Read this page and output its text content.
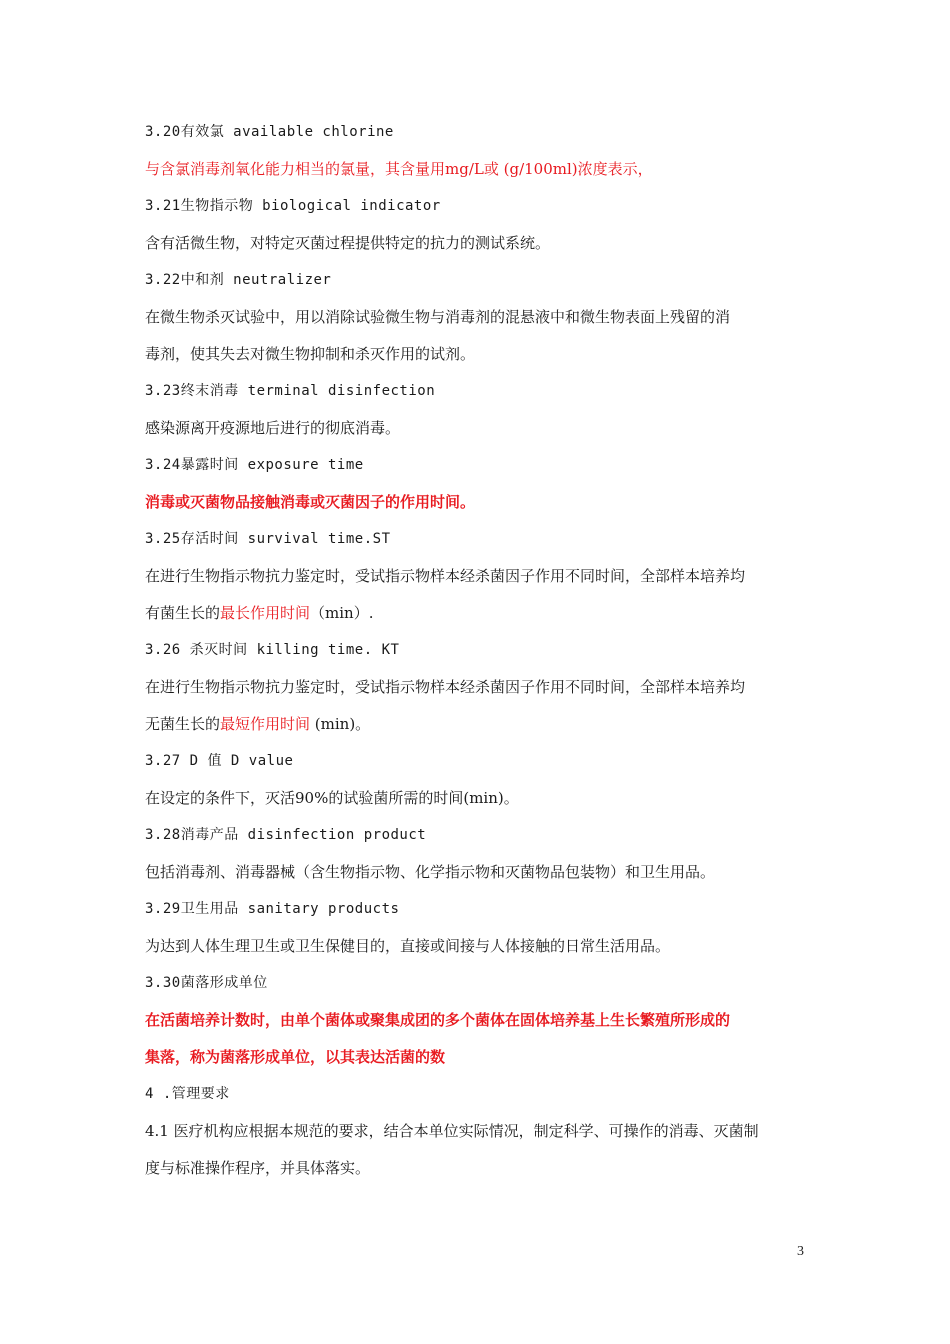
3.20有效氯 available chlorine
与含氯消毒剂氧化能力相当的氯量，其含量用mg/L或 (g/100ml)浓度表示，
3.21生物指示物 biological indicator
含有活微生物，对特定灭菌过程提供特定的抗力的测试系统。
3.22中和剂 neutralizer
在微生物杀灭试验中，用以消除试验微生物与消毒剂的混悬液中和微生物表面上残留的消
毒剂，使其失去对微生物抑制和杀灭作用的试剂。
3.23终末消毒 terminal disinfection
感染源离开疫源地后进行的彻底消毒。
3.24暴露时间 exposure time
消毒或灭菌物品接触消毒或灭菌因子的作用时间。
3.25存活时间 survival time.ST
在进行生物指示物抗力鉴定时，受试指示物样本经杀菌因子作用不同时间，全部样本培养均
有菌生长的最长作用时间（min）.
3.26 杀灭时间 killing time. KT
在进行生物指示物抗力鉴定时，受试指示物样本经杀菌因子作用不同时间，全部样本培养均
无菌生长的最短作用时间 (min)。
3.27 D 值 D value
在设定的条件下，灭活90%的试验菌所需的时间(min)。
3.28消毒产品 disinfection product
包括消毒剂、消毒器械（含生物指示物、化学指示物和灭菌物品包装物）和卫生用品。
3.29卫生用品 sanitary products
为达到人体生理卫生或卫生保健目的，直接或间接与人体接触的日常生活用品。
3.30菌落形成单位
在活菌培养计数时，由单个菌体或聚集成团的多个菌体在固体培养基上生长繁殖所形成的
集落，称为菌落形成单位，以其表达活菌的数
4 .管理要求
4.1 医疗机构应根据本规范的要求，结合本单位实际情况，制定科学、可操作的消毒、灭菌制
度与标准操作程序，并具体落实。
3
